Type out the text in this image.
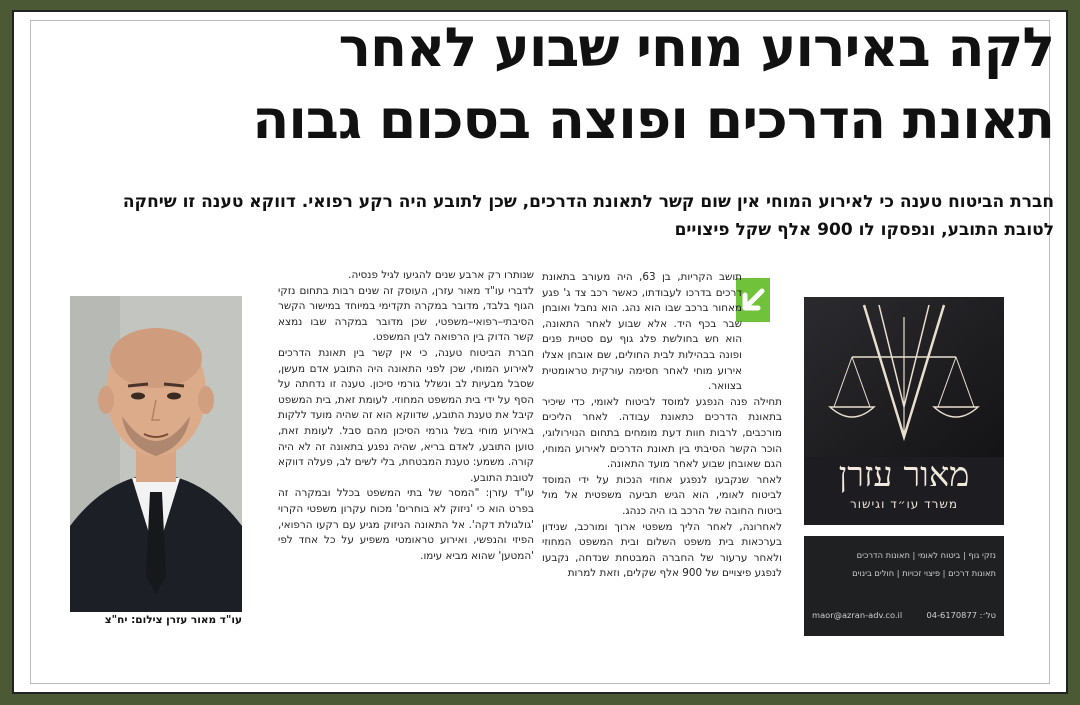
לקה באירוע מוחי שבוע לאחר
תאונת הדרכים ופוצה בסכום גבוה
חברת הביטוח טענה כי לאירוע המוחי אין שום קשר לתאונת הדרכים, שכן לתובע היה רקע רפואי. דווקא טענה זו שיחקה לטובת התובע, ונפסקו לו 900 אלף שקל פיצויים

תושב הקריות, בן 63, היה מעורב בתאונת דרכים בדרכו לעבודתו, כאשר רכב צד ג' פגע מאחור ברכב שבו הוא נהג. הוא נחבל ואובחן שבר בכף היד. אלא שבוע לאחר התאונה, הוא חש בחולשת פלג גוף עם סטיית פנים ופונה בבהילות לבית החולים, שם אובחן אצלו אירוע מוחי לאחר חסימה עורקית טראומטית בצוואר.

תחילה פנה הנפגע למוסד לביטוח לאומי, כדי שיכיר בתאונת הדרכים כתאונת עבודה. לאחר הליכים מורכבים, לרבות חוות דעת מומחים בתחום הנוירולוגי, הוכר הקשר הסיבתי בין תאונת הדרכים לאירוע המוחי, הגם שאובחן שבוע לאחר מועד התאונה.

לאחר שנקבעו לנפגע אחוזי הנכות על ידי המוסד לביטוח לאומי, הוא הגיש תביעה משפטית אל מול ביטוח החובה של הרכב בו היה כנהג.

לאחרונה, לאחר הליך משפטי ארוך ומורכב, שנידון בערכאות בית משפט השלום ובית המשפט המחוזי ולאחר ערעור של החברה המבטחת שנדחה, נקבעו לנפגע פיצויים של 900 אלף שקלים, וזאת למרות

שנותרו רק ארבע שנים להגיעו לגיל פנסיה.

לדברי עו"ד מאור עזרן, העוסק זה שנים רבות בתחום נזקי הגוף בלבד, מדובר במקרה תקדימי במיוחד במישור הקשר הסיבתי–רפואי–משפטי, שכן מדובר במקרה שבו נמצא קשר הדוק בין הרפואה לבין המשפט.

חברת הביטוח טענה, כי אין קשר בין תאונת הדרכים לאירוע המוחי, שכן לפני התאונה היה התובע אדם מעשן, שסבל מבעיות לב ונשלל גורמי סיכון. טענה זו נדחתה על הסף על ידי בית המשפט המחוזי. לעומת זאת, בית המשפט קיבל את טענת התובע, שדווקא הוא זה שהיה מועד ללקות באירוע מוחי בשל גורמי הסיכון מהם סבל. לעומת זאת, טוען התובע, לאדם בריא, שהיה נפגע בתאונה זה לא היה קורה. משמע: טענת המבטחת, בלי לשים לב, פעלה דווקא לטובת התובע.

עו"ד עזרן: "המסר של בתי המשפט בכלל ובמקרה זה בפרט הוא כי 'ניזוק לא בוחרים' מכוח עקרון משפטי הקרוי 'גולגולת דקה'. אל התאונה הניזוק מגיע עם רקעו הרפואי, הפיזי והנפשי, ואירוע טראומטי משפיע על כל אחד לפי 'המטען' שהוא מביא עימו.

מאור עזרן
משרד עו״ד וגישור
נזקי גוף | ביטוח לאומי | תאונות הדרכים
תאונות דרכים | פיצוי זכויות | חולים בינוים
טל׳: 04-6170877
maor@azran-adv.co.il
עו"ד מאור עזרן צילום: יח"צ
